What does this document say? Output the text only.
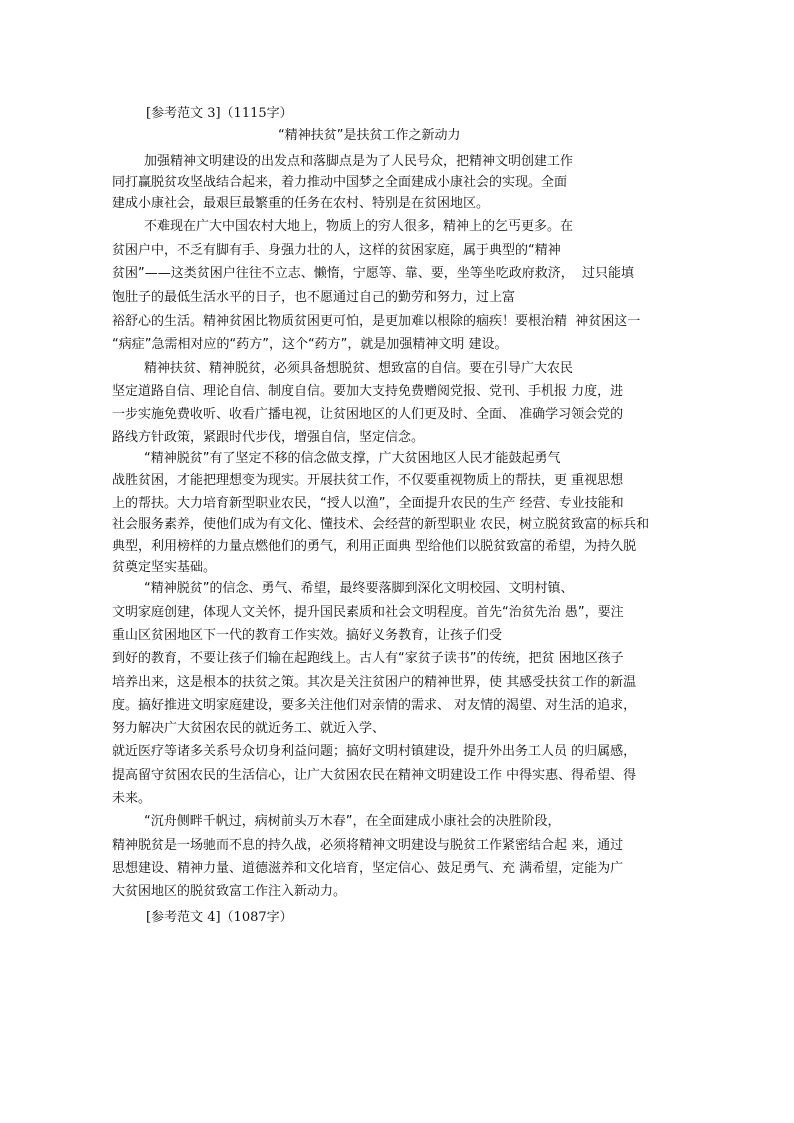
[参考范文 3]（1115字）
“精神扶贫”是扶贫工作之新动力
加强精神文明建设的出发点和落脚点是为了人民号众，把精神文明创建工作
同打赢脱贫攻坚战结合起来，着力推动中国梦之全面建成小康社会的实现。全面
建成小康社会，最艰巨最繁重的任务在农村、特别是在贫困地区。
不难现在广大中国农村大地上，物质上的穷人很多，精神上的乞丐更多。在
贫困户中，不乏有脚有手、身强力壮的人，这样的贫困家庭，属于典型的“精神
贫困”——这类贫困户往往不立志、懒惰，宁愿等、靠、要，坐等坐吃政府救济，  过只能填
饱肚子的最低生活水平的日子，也不愿通过自己的勤劳和努力，过上富
裕舒心的生活。精神贫困比物质贫困更可怕，是更加难以根除的痼疾！要根治精  神贫困这一
“病症”急需相对应的“药方”，这个“药方”，就是加强精神文明 建设。
精神扶贫、精神脱贫，必须具备想脱贫、想致富的自信。要在引导广大农民
坚定道路自信、理论自信、制度自信。要加大支持免费赠阅党报、党刊、手机报 力度，进
一步实施免费收听、收看广播电视，让贫困地区的人们更及时、全面、 准确学习领会党的
路线方针政策，紧跟时代步伐，增强自信，坚定信念。
“精神脱贫”有了坚定不移的信念做支撑，广大贫困地区人民才能鼓起勇气
战胜贫困，才能把理想变为现实。开展扶贫工作，不仅要重视物质上的帮扶，更 重视思想
上的帮扶。大力培育新型职业农民，“授人以渔”，全面提升农民的生产 经营、专业技能和
社会服务素养，使他们成为有文化、懂技术、会经营的新型职业 农民，树立脱贫致富的标兵和
典型，利用榜样的力量点燃他们的勇气，利用正面典 型给他们以脱贫致富的希望，为持久脱
贫奠定坚实基础。
“精神脱贫”的信念、勇气、希望，最终要落脚到深化文明校园、文明村镇、
文明家庭创建，体现人文关怀，提升国民素质和社会文明程度。首先“治贫先治 愚”，要注
重山区贫困地区下一代的教育工作实效。搞好义务教育，让孩子们受
到好的教育，不要让孩子们输在起跑线上。古人有“家贫子读书”的传统，把贫 困地区孩子
培养出来，这是根本的扶贫之策。其次是关注贫困户的精神世界，使 其感受扶贫工作的新温
度。搞好推进文明家庭建设，要多关注他们对亲情的需求、 对友情的渴望、对生活的追求，
努力解决广大贫困农民的就近务工、就近入学、
就近医疗等诸多关系号众切身利益问题；搞好文明村镇建设，提升外出务工人员 的归属感，
提高留守贫困农民的生活信心，让广大贫困农民在精神文明建设工作 中得实惠、得希望、得
未来。
“沉舟侧畔千帆过，病树前头万木春”，在全面建成小康社会的决胜阶段，
精神脱贫是一场驰而不息的持久战，必须将精神文明建设与脱贫工作紧密结合起 来，通过
思想建设、精神力量、道德滋养和文化培育，坚定信心、鼓足勇气、充 满希望，定能为广
大贫困地区的脱贫致富工作注入新动力。
[参考范文 4]（1087字）
